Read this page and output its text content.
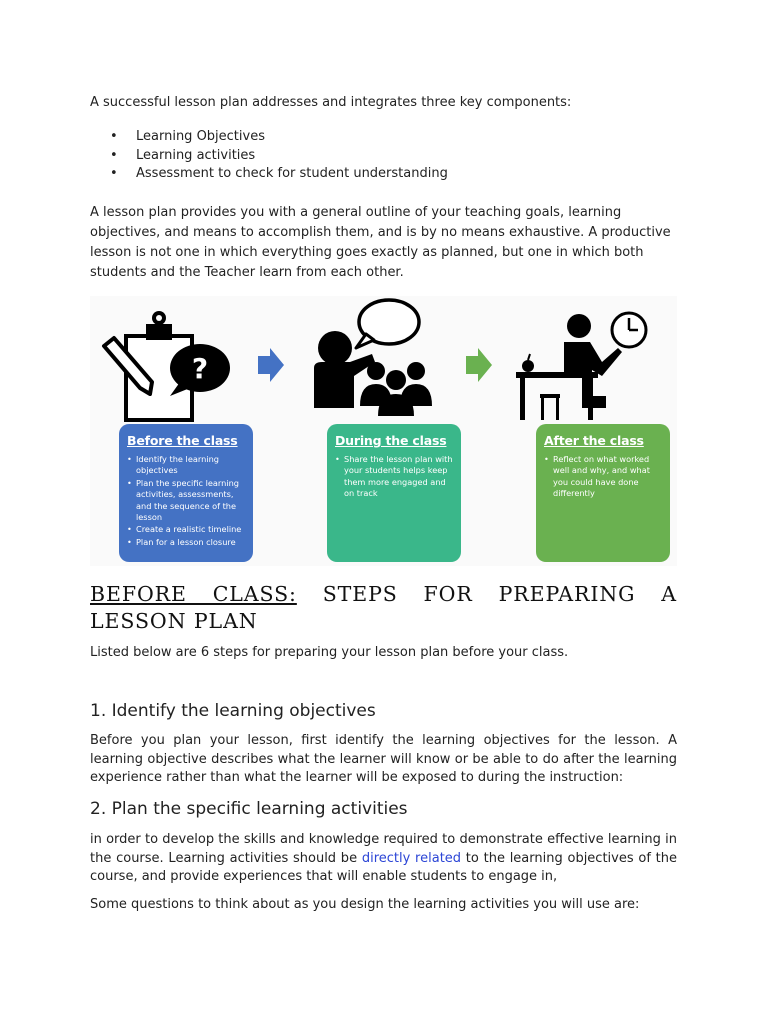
A successful lesson plan addresses and integrates three key components:

• Learning Objectives
• Learning activities
• Assessment to check for student understanding

A lesson plan provides you with a general outline of your teaching goals, learning objectives, and means to accomplish them, and is by no means exhaustive. A productive lesson is not one in which everything goes exactly as planned, but one in which both students and the Teacher learn from each other.

?
Before the class
• Identify the learning objectives
• Plan the specific learning activities, assessments, and the sequence of the lesson
• Create a realistic timeline
• Plan for a lesson closure
During the class
• Share the lesson plan with your students helps keep them more engaged and on track
After the class
• Reflect on what worked well and why, and what you could have done differently
BEFORE CLASS: STEPS FOR PREPARING A LESSON PLAN

Listed below are 6 steps for preparing your lesson plan before your class.

1. Identify the learning objectives

Before you plan your lesson, first identify the learning objectives for the lesson. A learning objective describes what the learner will know or be able to do after the learning experience rather than what the learner will be exposed to during the instruction:

2. Plan the specific learning activities

in order to develop the skills and knowledge required to demonstrate effective learning in the course. Learning activities should be directly related to the learning objectives of the course, and provide experiences that will enable students to engage in,

Some questions to think about as you design the learning activities you will use are:
